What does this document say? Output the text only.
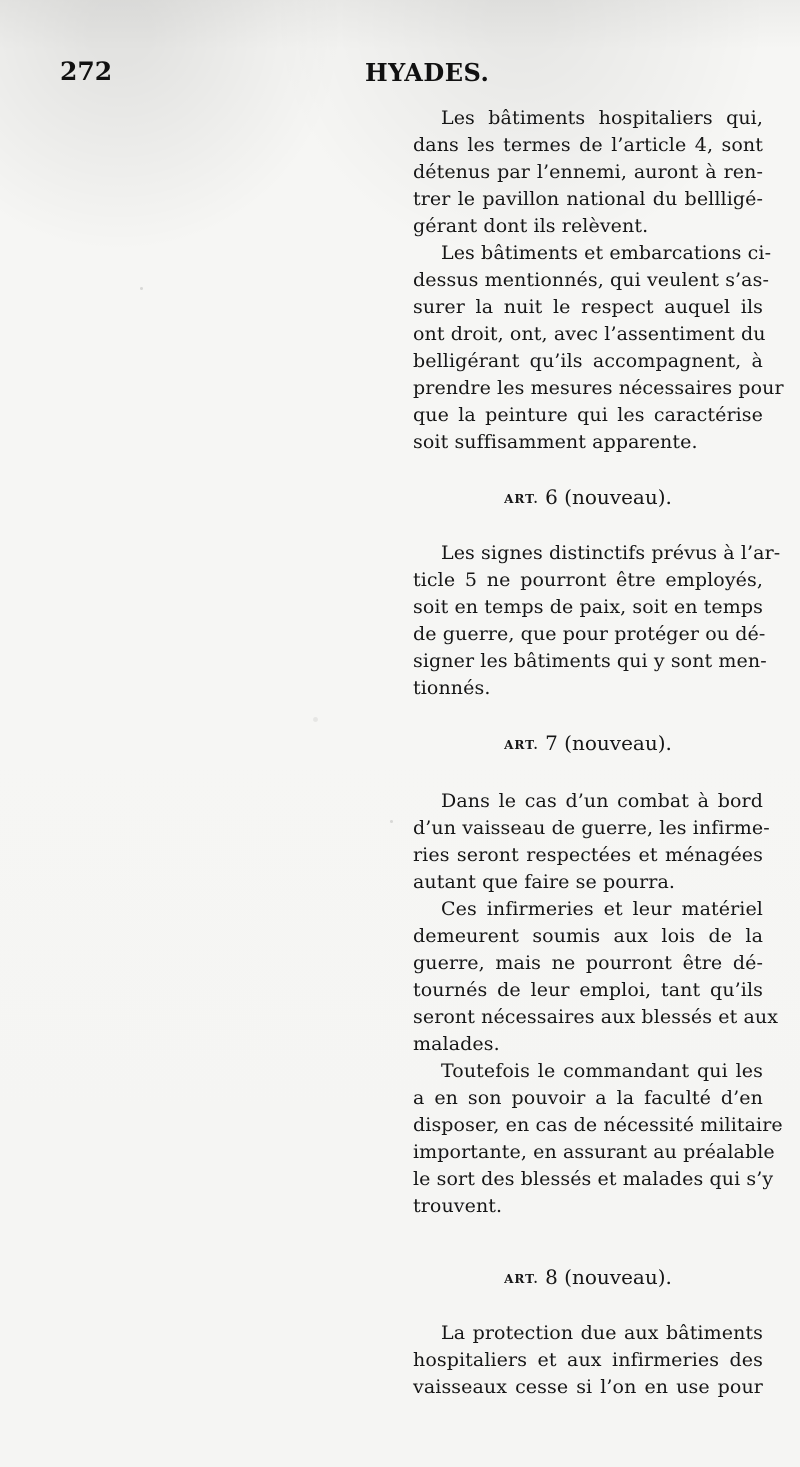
272	HYADES.
Les bâtiments hospitaliers qui,
dans les termes de l’article 4, sont
détenus par l’ennemi, auront à ren-
trer le pavillon national du bellligé-
gérant dont ils relèvent.
Les bâtiments et embarcations ci-
dessus mentionnés, qui veulent s’as-
surer la nuit le respect auquel ils
ont droit, ont, avec l’assentiment du
belligérant qu’ils accompagnent, à
prendre les mesures nécessaires pour
que la peinture qui les caractérise
soit suffisamment apparente.
ART. 6 (nouveau).
Les signes distinctifs prévus à l’ar-
ticle 5 ne pourront être employés,
soit en temps de paix, soit en temps
de guerre, que pour protéger ou dé-
signer les bâtiments qui y sont men-
tionnés.
ART. 7 (nouveau).
Dans le cas d’un combat à bord
d’un vaisseau de guerre, les infirme-
ries seront respectées et ménagées
autant que faire se pourra.
Ces infirmeries et leur matériel
demeurent soumis aux lois de la
guerre, mais ne pourront être dé-
tournés de leur emploi, tant qu’ils
seront nécessaires aux blessés et aux
malades.
Toutefois le commandant qui les
a en son pouvoir a la faculté d’en
disposer, en cas de nécessité militaire
importante, en assurant au préalable
le sort des blessés et malades qui s’y
trouvent.
ART. 8 (nouveau).
La protection due aux bâtiments
hospitaliers et aux infirmeries des
vaisseaux cesse si l’on en use pour
